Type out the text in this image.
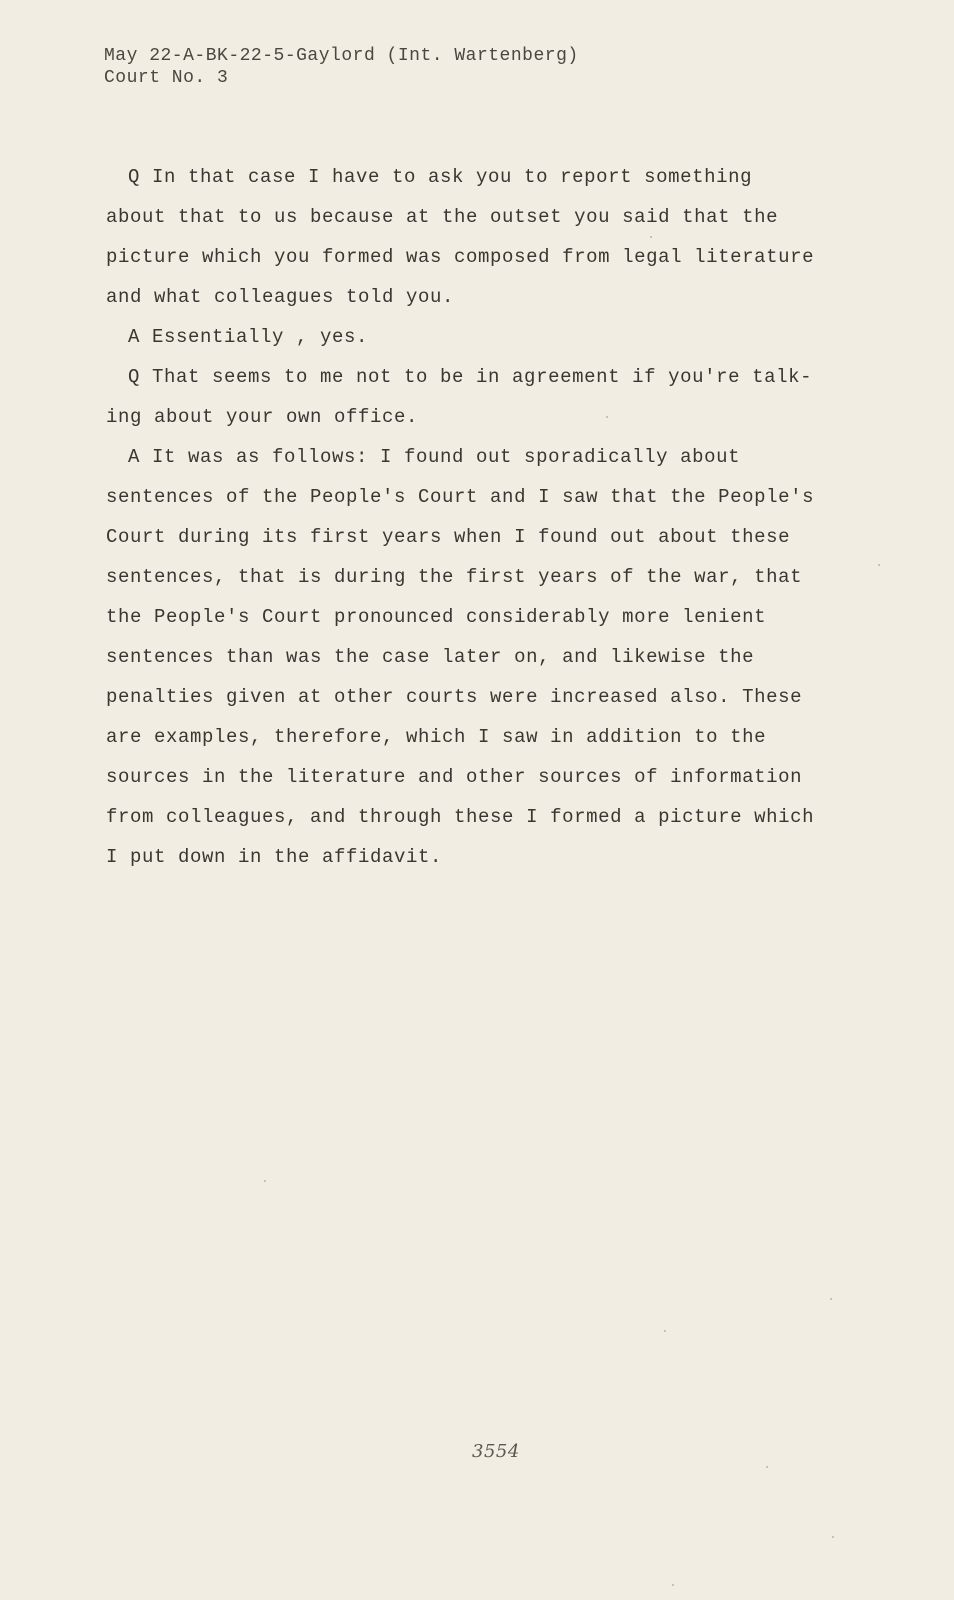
May 22-A-BK-22-5-Gaylord (Int. Wartenberg)
Court No. 3
Q In that case I have to ask you to report something
about that to us because at the outset you said that the
picture which you formed was composed from legal literature
and what colleagues told you.
A Essentially , yes.
Q That seems to me not to be in agreement if you're talk-
ing about your own office.
A It was as follows: I found out sporadically about
sentences of the People's Court and I saw that the People's
Court during its first years when I found out about these
sentences, that is during the first years of the war, that
the People's Court pronounced considerably more lenient
sentences than was the case later on, and likewise the
penalties given at other courts were increased also. These
are examples, therefore, which I saw in addition to the
sources in the literature and other sources of information
from colleagues, and through these I formed a picture which
I put down in the affidavit.
3554
